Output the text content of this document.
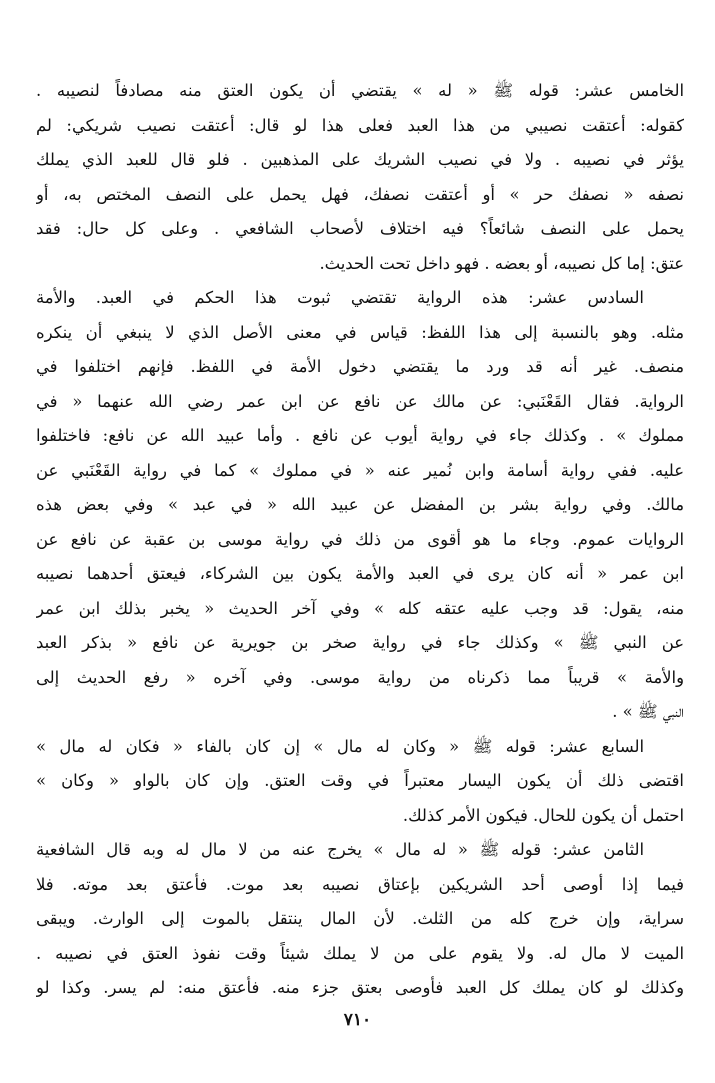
الخامس عشر: قوله ﷺ « له » يقتضي أن يكون العتق منه مصادفاً لنصيبه .
كقوله: أعتقت نصيبي من هذا العبد فعلى هذا لو قال: أعتقت نصيب شريكي: لم
يؤثر في نصيبه . ولا في نصيب الشريك على المذهبين . فلو قال للعبد الذي يملك
نصفه « نصفك حر » أو أعتقت نصفك، فهل يحمل على النصف المختص به، أو
يحمل على النصف شائعاً؟ فيه اختلاف لأصحاب الشافعي . وعلى كل حال: فقد
عتق: إما كل نصيبه، أو بعضه . فهو داخل تحت الحديث.
السادس عشر: هذه الرواية تقتضي ثبوت هذا الحكم في العبد. والأمة
مثله. وهو بالنسبة إلى هذا اللفظ: قياس في معنى الأصل الذي لا ينبغي أن ينكره
منصف. غير أنه قد ورد ما يقتضي دخول الأمة في اللفظ. فإنهم اختلفوا في
الرواية. فقال القَعْنَبي: عن مالك عن نافع عن ابن عمر رضي الله عنهما « في
مملوك » . وكذلك جاء في رواية أيوب عن نافع . وأما عبيد الله عن نافع: فاختلفوا
عليه. ففي رواية أسامة وابن نُمير عنه « في مملوك » كما في رواية القَعْنَبي عن
مالك. وفي رواية بشر بن المفضل عن عبيد الله « في عبد » وفي بعض هذه
الروايات عموم. وجاء ما هو أقوى من ذلك في رواية موسى بن عقبة عن نافع عن
ابن عمر « أنه كان يرى في العبد والأمة يكون بين الشركاء، فيعتق أحدهما نصيبه
منه، يقول: قد وجب عليه عتقه كله » وفي آخر الحديث « يخبر بذلك ابن عمر
عن النبي ﷺ » وكذلك جاء في رواية صخر بن جويرية عن نافع « بذكر العبد
والأمة » قريباً مما ذكرناه من رواية موسى. وفي آخره « رفع الحديث إلى
النبي ﷺ » .
السابع عشر: قوله ﷺ « وكان له مال » إن كان بالفاء « فكان له مال »
اقتضى ذلك أن يكون اليسار معتبراً في وقت العتق. وإن كان بالواو « وكان »
احتمل أن يكون للحال. فيكون الأمر كذلك.
الثامن عشر: قوله ﷺ « له مال » يخرج عنه من لا مال له وبه قال الشافعية
فيما إذا أوصى أحد الشريكين بإعتاق نصيبه بعد موت. فأعتق بعد موته. فلا
سراية، وإن خرج كله من الثلث. لأن المال ينتقل بالموت إلى الوارث. ويبقى
الميت لا مال له. ولا يقوم على من لا يملك شيئاً وقت نفوذ العتق في نصيبه .
وكذلك لو كان يملك كل العبد فأوصى بعتق جزء منه. فأعتق منه: لم يسر. وكذا لو
٧١٠
